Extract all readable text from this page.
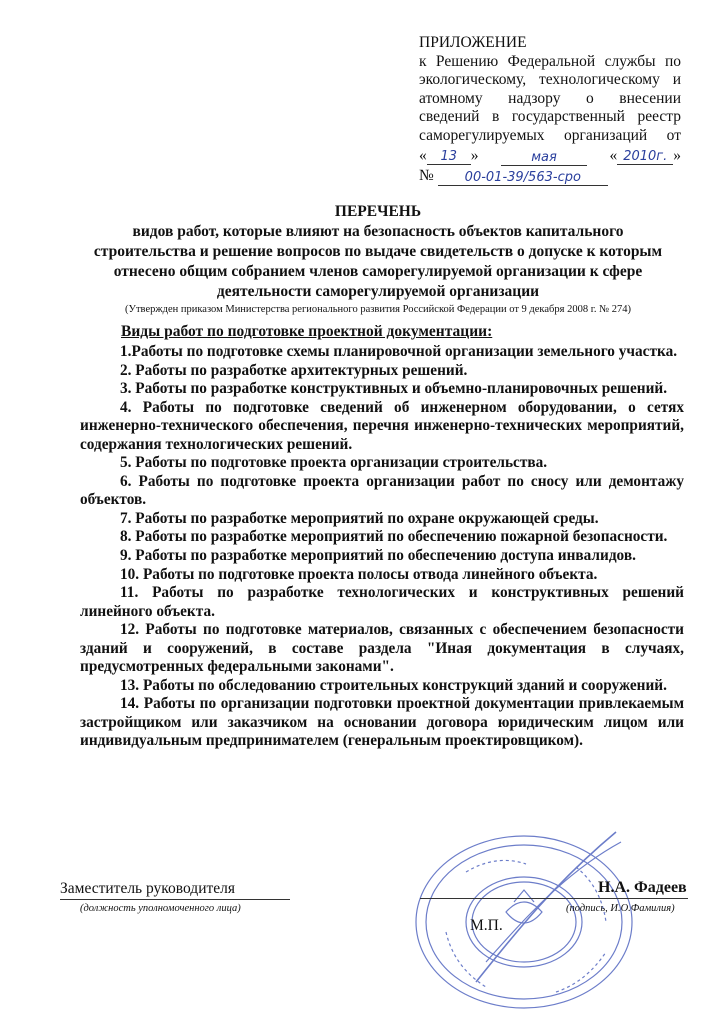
ПРИЛОЖЕНИЕ
к Решению Федеральной службы по
экологическому, технологическому и
атомному надзору о внесении
сведений в государственный реестр
саморегулируемых организаций от
« 13 »	мая	« 2010г. »
№	00-01-39/563-сро
ПЕРЕЧЕНЬ
видов работ, которые влияют на безопасность объектов капитального
строительства и решение вопросов по выдаче свидетельств о допуске к которым
отнесено общим собранием членов саморегулируемой организации к сфере
деятельности саморегулируемой организации
(Утвержден приказом Министерства регионального развития Российской Федерации от 9 декабря 2008 г. № 274)
Виды работ по подготовке проектной документации:

1.Работы по подготовке схемы планировочной организации земельного участка.

2. Работы по разработке архитектурных решений.

3. Работы по разработке конструктивных и объемно-планировочных решений.

4. Работы по подготовке сведений об инженерном оборудовании, о сетях инженерно-технического обеспечения, перечня инженерно-технических мероприятий, содержания технологических решений.

5. Работы по подготовке проекта организации строительства.

6. Работы по подготовке проекта организации работ по сносу или демонтажу объектов.

7. Работы по разработке мероприятий по охране окружающей среды.

8. Работы по разработке мероприятий по обеспечению пожарной безопасности.

9. Работы по разработке мероприятий по обеспечению доступа инвалидов.

10. Работы по подготовке проекта полосы отвода линейного объекта.

11. Работы по разработке технологических и конструктивных решений линейного объекта.

12. Работы по подготовке материалов, связанных с обеспечением безопасности зданий и сооружений, в составе раздела "Иная документация в случаях, предусмотренных федеральными законами".

13. Работы по обследованию строительных конструкций зданий и сооружений.

14. Работы по организации подготовки проектной документации привлекаемым застройщиком или заказчиком на основании договора юридическим лицом или индивидуальным предпринимателем (генеральным проектировщиком).

Заместитель руководителя
(должность уполномоченного лица)
Н.А. Фадеев
(подпись, И.О.Фамилия)
М.П.
